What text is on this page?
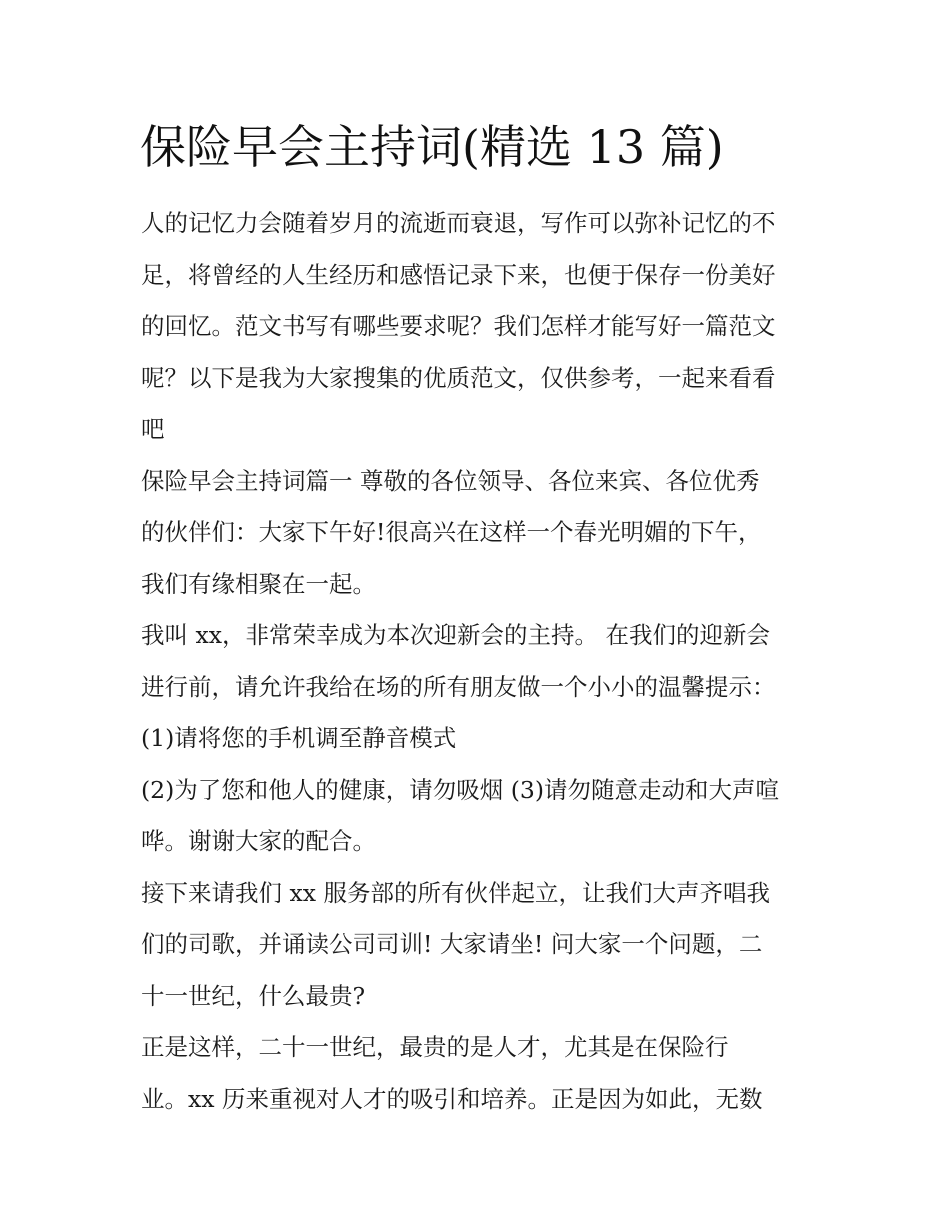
保险早会主持词(精选 13 篇)
人的记忆力会随着岁月的流逝而衰退，写作可以弥补记忆的不
足，将曾经的人生经历和感悟记录下来，也便于保存一份美好
的回忆。范文书写有哪些要求呢？我们怎样才能写好一篇范文
呢？以下是我为大家搜集的优质范文，仅供参考，一起来看看
吧
保险早会主持词篇一 尊敬的各位领导、各位来宾、各位优秀
的伙伴们：大家下午好!很高兴在这样一个春光明媚的下午，
我们有缘相聚在一起。
我叫 xx，非常荣幸成为本次迎新会的主持。 在我们的迎新会
进行前，请允许我给在场的所有朋友做一个小小的温馨提示：
(1)请将您的手机调至静音模式
(2)为了您和他人的健康，请勿吸烟 (3)请勿随意走动和大声喧
哗。谢谢大家的配合。
接下来请我们 xx 服务部的所有伙伴起立，让我们大声齐唱我
们的司歌，并诵读公司司训! 大家请坐! 问大家一个问题，二
十一世纪，什么最贵?
正是这样，二十一世纪，最贵的是人才，尤其是在保险行
业。xx 历来重视对人才的吸引和培养。正是因为如此，无数
